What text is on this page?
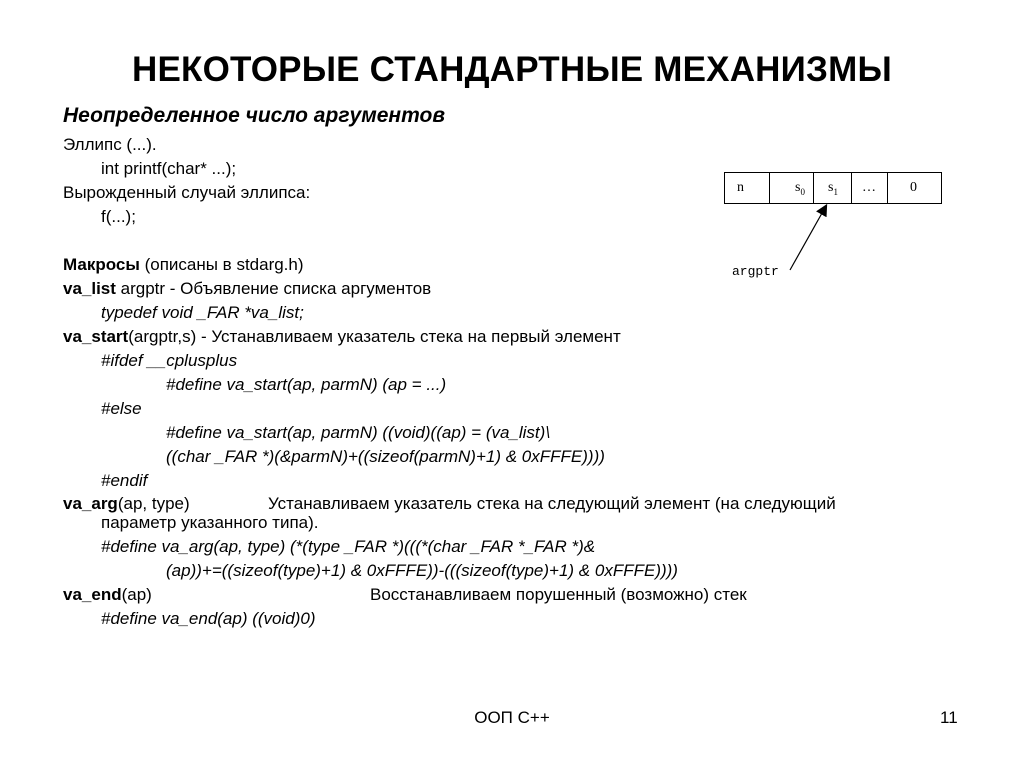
НЕКОТОРЫЕ СТАНДАРТНЫЕ МЕХАНИЗМЫ
Неопределенное число аргументов
Эллипс (...).
int printf(char* ...);
Вырожденный случай эллипса:
f(...);
Макросы (описаны в stdarg.h)
va_list argptr - Объявление списка аргументов
typedef void _FAR *va_list;
va_start(argptr,s) - Устанавливаем указатель стека на первый элемент
#ifdef __cplusplus
#define va_start(ap, parmN) (ap = ...)
#else
#define va_start(ap, parmN) ((void)((ap) = (va_list)\
((char _FAR *)(&parmN)+((sizeof(parmN)+1) & 0xFFFE))))
#endif
va_arg(ap, type)	Устанавливаем указатель стека на следующий элемент (на следующий
параметр указанного типа).
#define va_arg(ap, type) (*(type _FAR *)(((*(char _FAR *_FAR *)&
(ap))+=((sizeof(type)+1) & 0xFFFE))-(((sizeof(type)+1) & 0xFFFE))))
va_end(ap)	Восстанавливаем порушенный (возможно) стек
#define va_end(ap) ((void)0)
n	$s_0$ $s_1$ … 0
argptr
ООП C++	11
